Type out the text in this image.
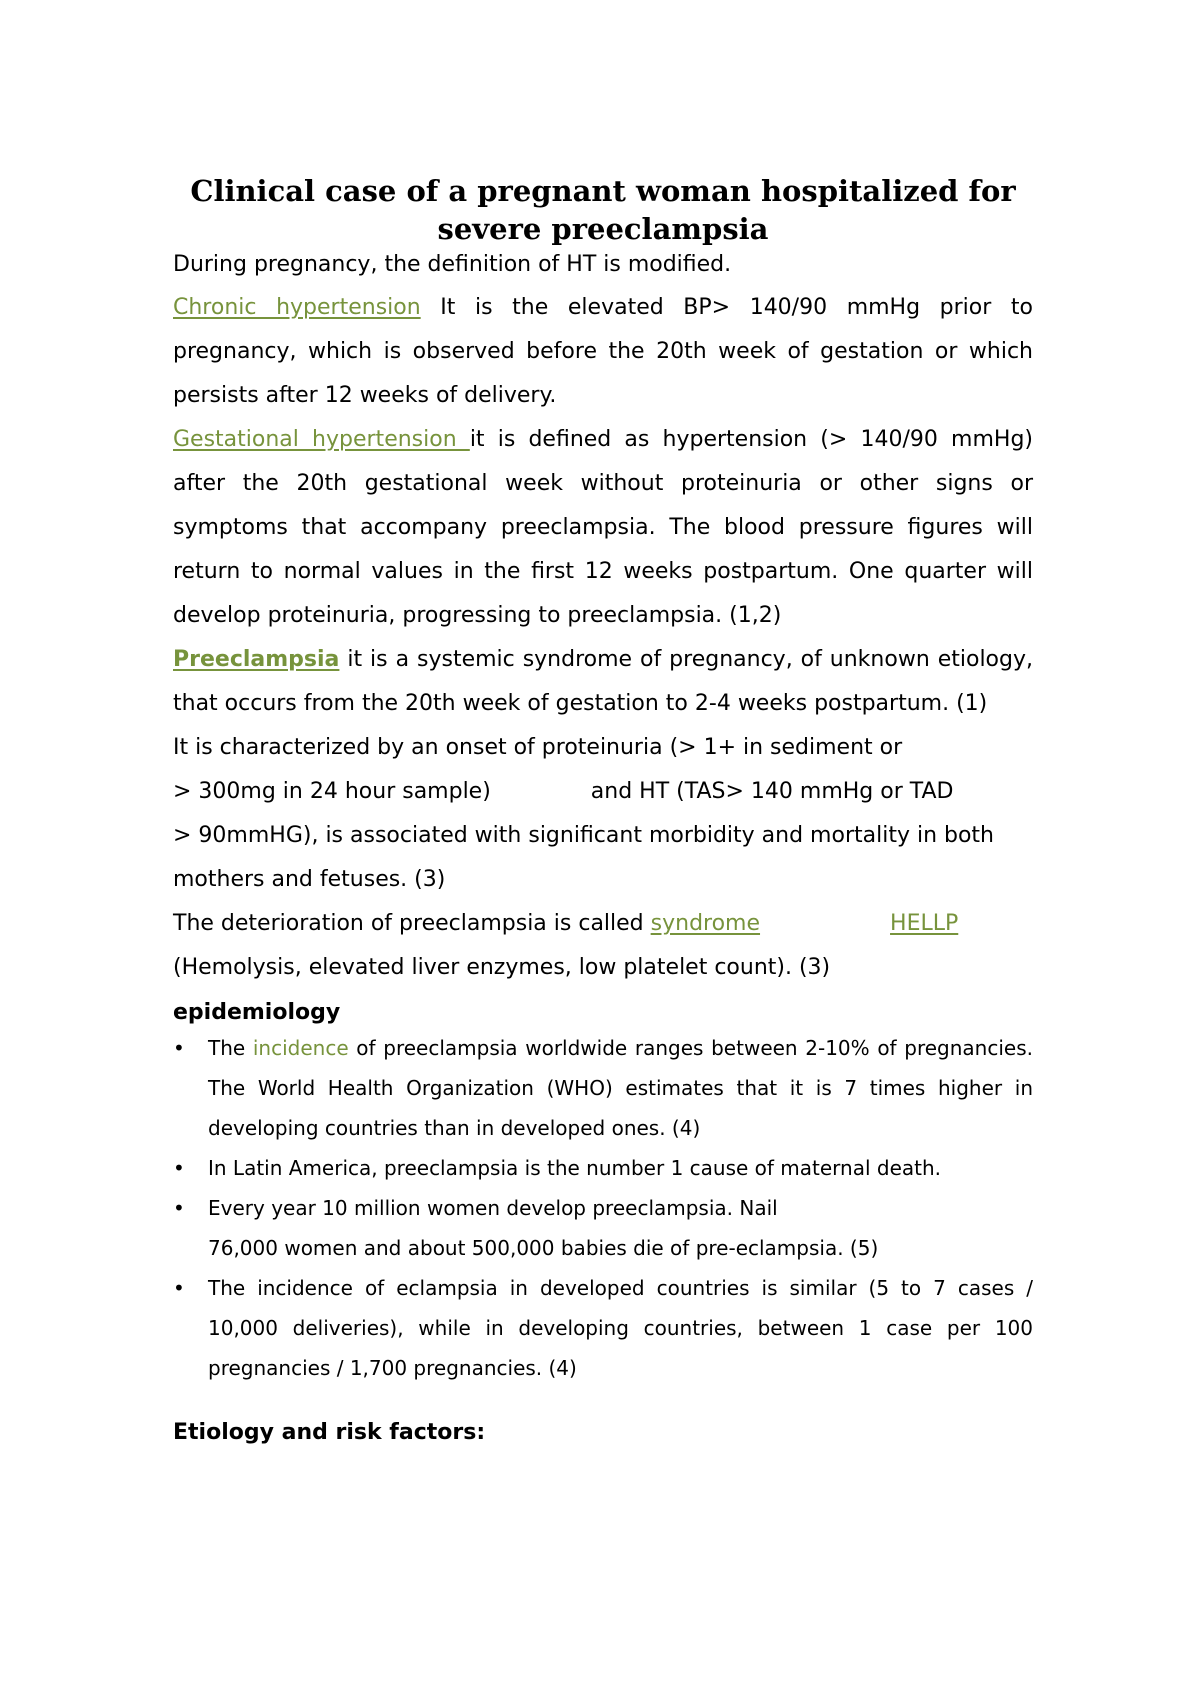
Clinical case of a pregnant woman hospitalized for severe preeclampsia

During pregnancy, the definition of HT is modified.

Chronic hypertension It is the elevated BP> 140/90 mmHg prior to pregnancy, which is observed before the 20th week of gestation or which persists after 12 weeks of delivery.

Gestational hypertension it is defined as hypertension (> 140/90 mmHg) after the 20th gestational week without proteinuria or other signs or symptoms that accompany preeclampsia. The blood pressure figures will return to normal values in the first 12 weeks postpartum. One quarter will develop proteinuria, progressing to preeclampsia. (1,2)

Preeclampsia it is a systemic syndrome of pregnancy, of unknown etiology, that occurs from the 20th week of gestation to 2-4 weeks postpartum. (1)

It is characterized by an onset of proteinuria (> 1+ in sediment or
> 300mg in 24 hour sample)	and HT (TAS> 140 mmHg or TAD
> 90mmHG), is associated with significant morbidity and mortality in both mothers and fetuses. (3)
The deterioration of preeclampsia is called syndrome	HELLP
(Hemolysis, elevated liver enzymes, low platelet count). (3)
epidemiology
• The incidence of preeclampsia worldwide ranges between 2-10% of pregnancies. The World Health Organization (WHO) estimates that it is 7 times higher in developing countries than in developed ones. (4)
• In Latin America, preeclampsia is the number 1 cause of maternal death.
• Every year 10 million women develop preeclampsia. Nail
76,000 women and about 500,000 babies die of pre-eclampsia. (5)
• The incidence of eclampsia in developed countries is similar (5 to 7 cases / 10,000 deliveries), while in developing countries, between 1 case per 100 pregnancies / 1,700 pregnancies. (4)
Etiology and risk factors:
